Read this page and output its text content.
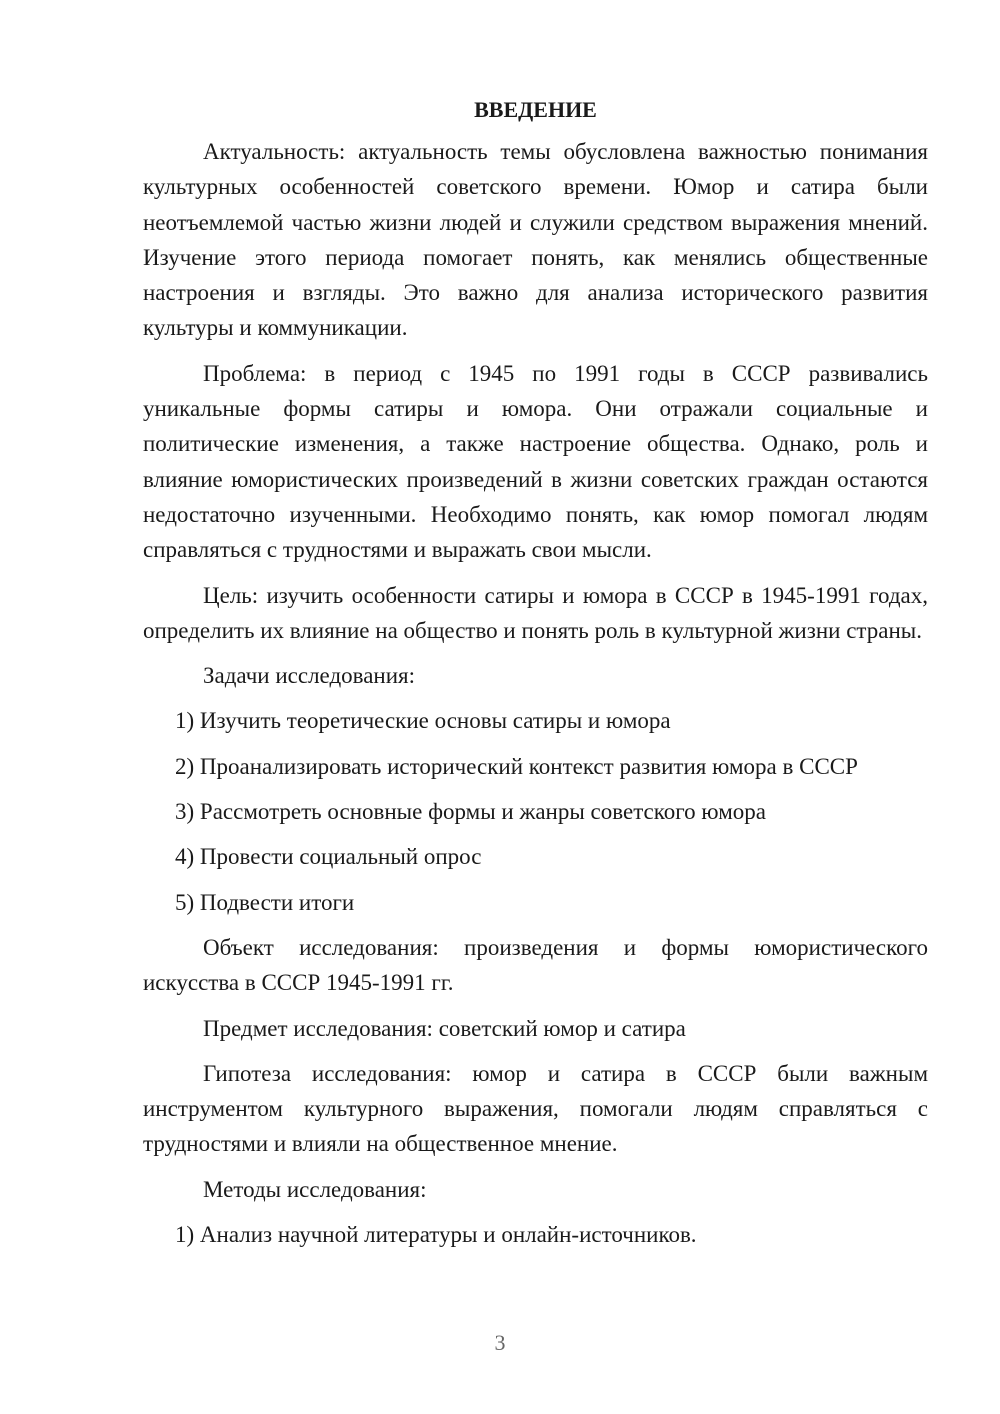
ВВЕДЕНИЕ

Актуальность: актуальность темы обусловлена важностью понимания культурных особенностей советского времени. Юмор и сатира были неотъемлемой частью жизни людей и служили средством выражения мнений. Изучение этого периода помогает понять, как менялись общественные настроения и взгляды. Это важно для анализа исторического развития культуры и коммуникации.

Проблема: в период с 1945 по 1991 годы в СССР развивались уникальные формы сатиры и юмора. Они отражали социальные и политические изменения, а также настроение общества. Однако, роль и влияние юмористических произведений в жизни советских граждан остаются недостаточно изученными. Необходимо понять, как юмор помогал людям справляться с трудностями и выражать свои мысли.

Цель: изучить особенности сатиры и юмора в СССР в 1945-1991 годах, определить их влияние на общество и понять роль в культурной жизни страны.

Задачи исследования:

1) Изучить теоретические основы сатиры и юмора
2) Проанализировать исторический контекст развития юмора в СССР
3) Рассмотреть основные формы и жанры советского юмора
4) Провести социальный опрос
5) Подвести итоги

Объект исследования: произведения и формы юмористического искусства в СССР 1945-1991 гг.

Предмет исследования: советский юмор и сатира

Гипотеза исследования: юмор и сатира в СССР были важным инструментом культурного выражения, помогали людям справляться с трудностями и влияли на общественное мнение.

Методы исследования:

1) Анализ научной литературы и онлайн-источников.
3
